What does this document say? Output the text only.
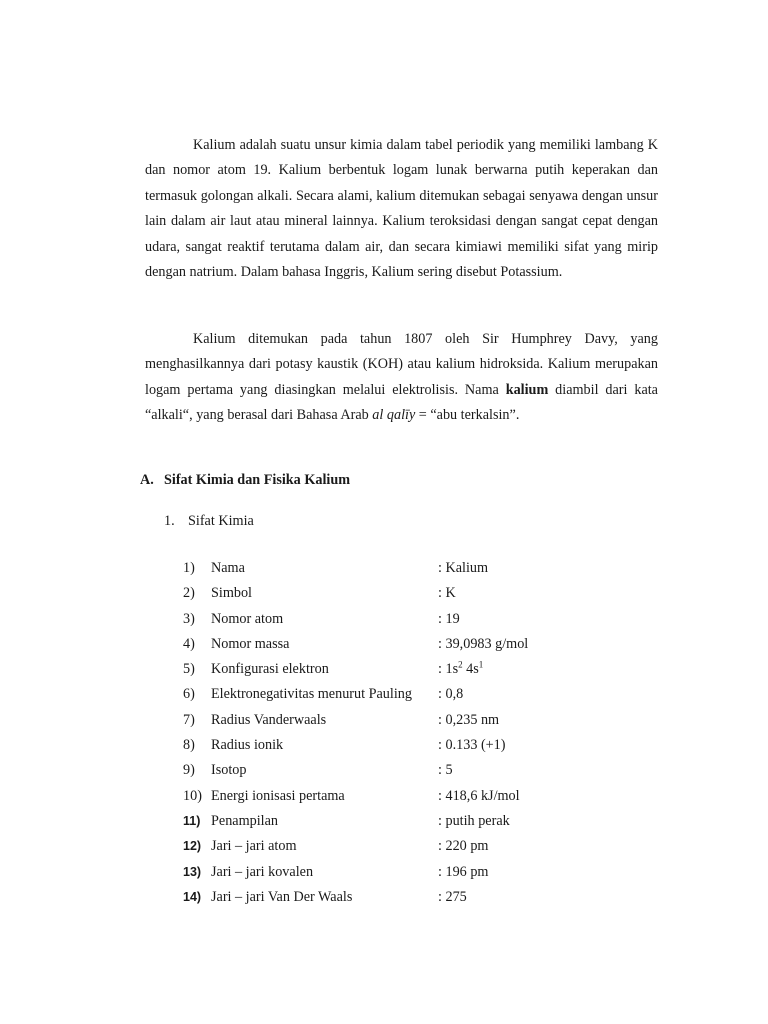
Kalium adalah suatu unsur kimia dalam tabel periodik yang memiliki lambang K dan nomor atom 19. Kalium berbentuk logam lunak berwarna putih keperakan dan termasuk golongan alkali. Secara alami, kalium ditemukan sebagai senyawa dengan unsur lain dalam air laut atau mineral lainnya. Kalium teroksidasi dengan sangat cepat dengan udara, sangat reaktif terutama dalam air, dan secara kimiawi memiliki sifat yang mirip dengan natrium. Dalam bahasa Inggris, Kalium sering disebut Potassium.

Kalium ditemukan pada tahun 1807 oleh Sir Humphrey Davy, yang menghasilkannya dari potasy kaustik (KOH) atau kalium hidroksida. Kalium merupakan logam pertama yang diasingkan melalui elektrolisis. Nama kalium diambil dari kata “alkali“, yang berasal dari Bahasa Arab al qalīy = “abu terkalsin”.

A. Sifat Kimia dan Fisika Kalium

1. Sifat Kimia

1)	Nama	: Kalium
2)	Simbol	: K
3)	Nomor atom	: 19
4)	Nomor massa	: 39,0983 g/mol
5)	Konfigurasi elektron	: $1s^2$ $4s^1$
6)	Elektronegativitas menurut Pauling : 0,8
7)	Radius Vanderwaals	: 0,235 nm
8)	Radius ionik	: 0.133 (+1)
9)	Isotop	: 5
10) Energi ionisasi pertama	: 418,6 kJ/mol
11) Penampilan	: putih perak
12) Jari – jari atom	: 220 pm
13) Jari – jari kovalen	: 196 pm
14) Jari – jari Van Der Waals	: 275
